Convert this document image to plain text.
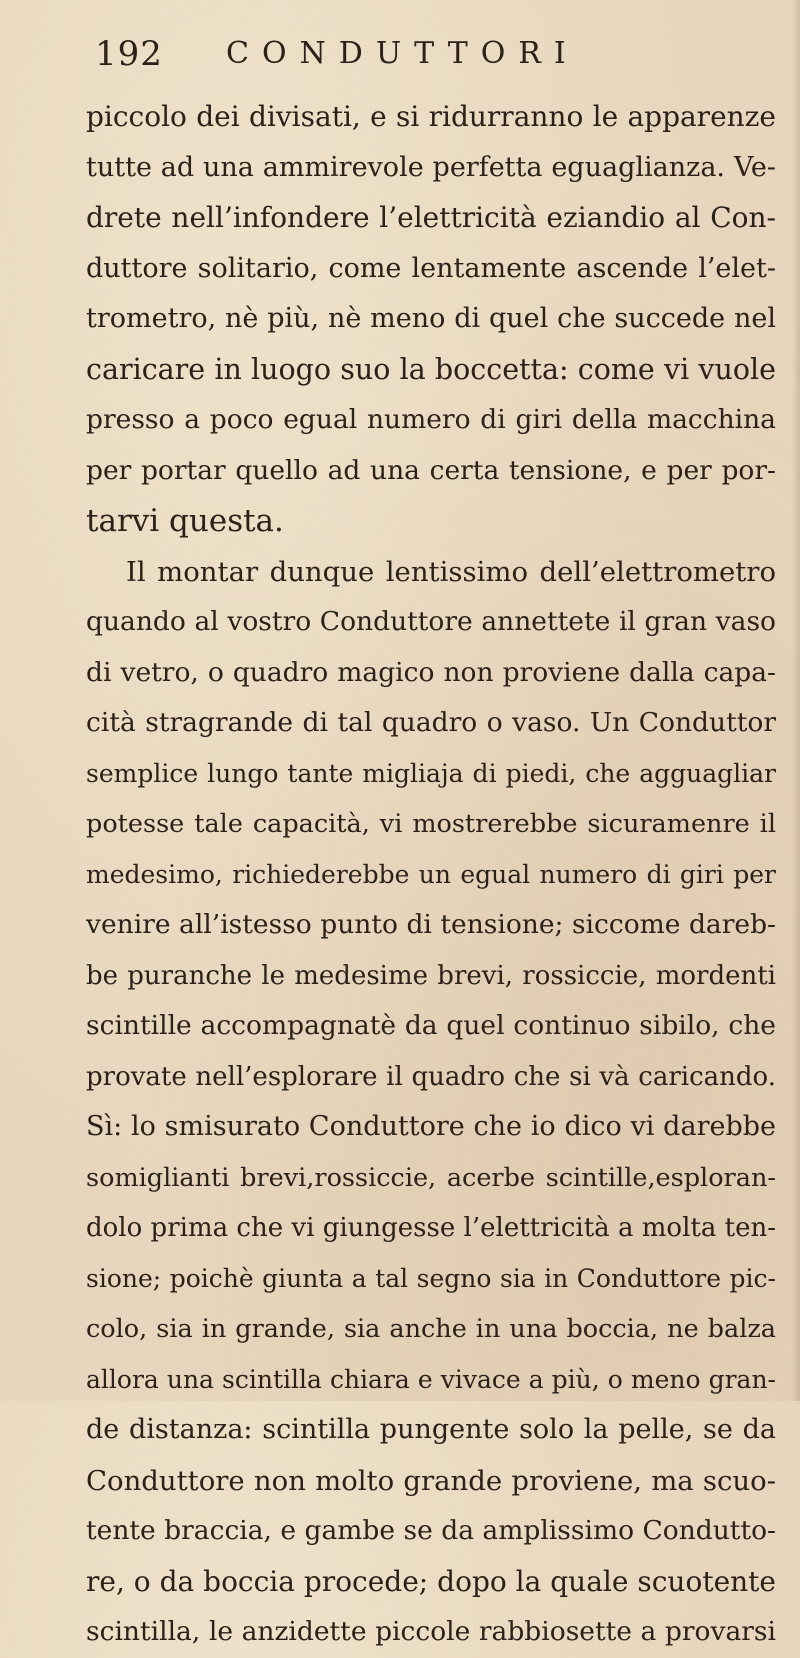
192 CONDUTTORI
piccolo dei divisati, e si ridurranno le apparenze
tutte ad una ammirevole perfetta eguaglianza. Ve-
drete nell’infondere l’elettricità eziandio al Con-
duttore solitario, come lentamente ascende l’elet-
trometro, nè più, nè meno di quel che succede nel
caricare in luogo suo la boccetta: come vi vuole
presso a poco egual numero di giri della macchina
per portar quello ad una certa tensione, e per por-
tarvi questa.
Il montar dunque lentissimo dell’elettrometro
quando al vostro Conduttore annettete il gran vaso
di vetro, o quadro magico non proviene dalla capa-
cità stragrande di tal quadro o vaso. Un Conduttor
semplice lungo tante migliaja di piedi, che agguagliar
potesse tale capacità, vi mostrerebbe sicuramenre il
medesimo, richiederebbe un egual numero di giri per
venire all’istesso punto di tensione; siccome dareb-
be puranche le medesime brevi, rossiccie, mordenti
scintille accompagnatè da quel continuo sibilo, che
provate nell’esplorare il quadro che si và caricando.
Sì: lo smisurato Conduttore che io dico vi darebbe
somiglianti brevi,rossiccie, acerbe scintille,esploran-
dolo prima che vi giungesse l’elettricità a molta ten-
sione; poichè giunta a tal segno sia in Conduttore pic-
colo, sia in grande, sia anche in una boccia, ne balza
allora una scintilla chiara e vivace a più, o meno gran-
de distanza: scintilla pungente solo la pelle, se da
Conduttore non molto grande proviene, ma scuo-
tente braccia, e gambe se da amplissimo Condutto-
re, o da boccia procede; dopo la quale scuotente
scintilla, le anzidette piccole rabbiosette a provarsi
